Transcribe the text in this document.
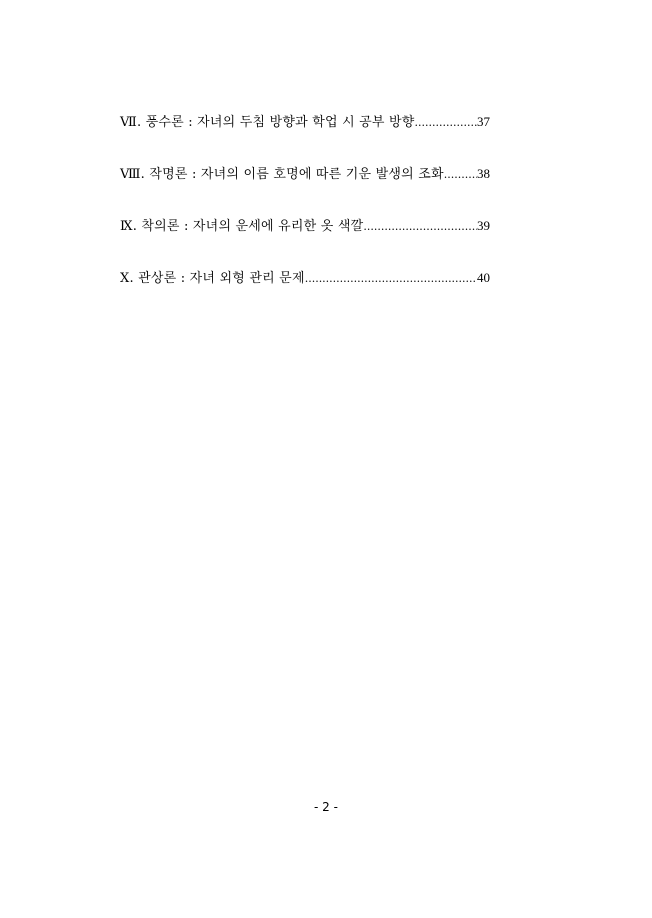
Ⅶ. 풍수론 : 자녀의 두침 방향과 학업 시 공부 방향 .....	37
Ⅷ. 작명론 : 자녀의 이름 호명에 따른 기운 발생의 조화 .....	38
Ⅸ. 착의론 : 자녀의 운세에 유리한 옷 색깔 .....	39
Ⅹ. 관상론 : 자녀 외형 관리 문제 .....	40
- 2 -
